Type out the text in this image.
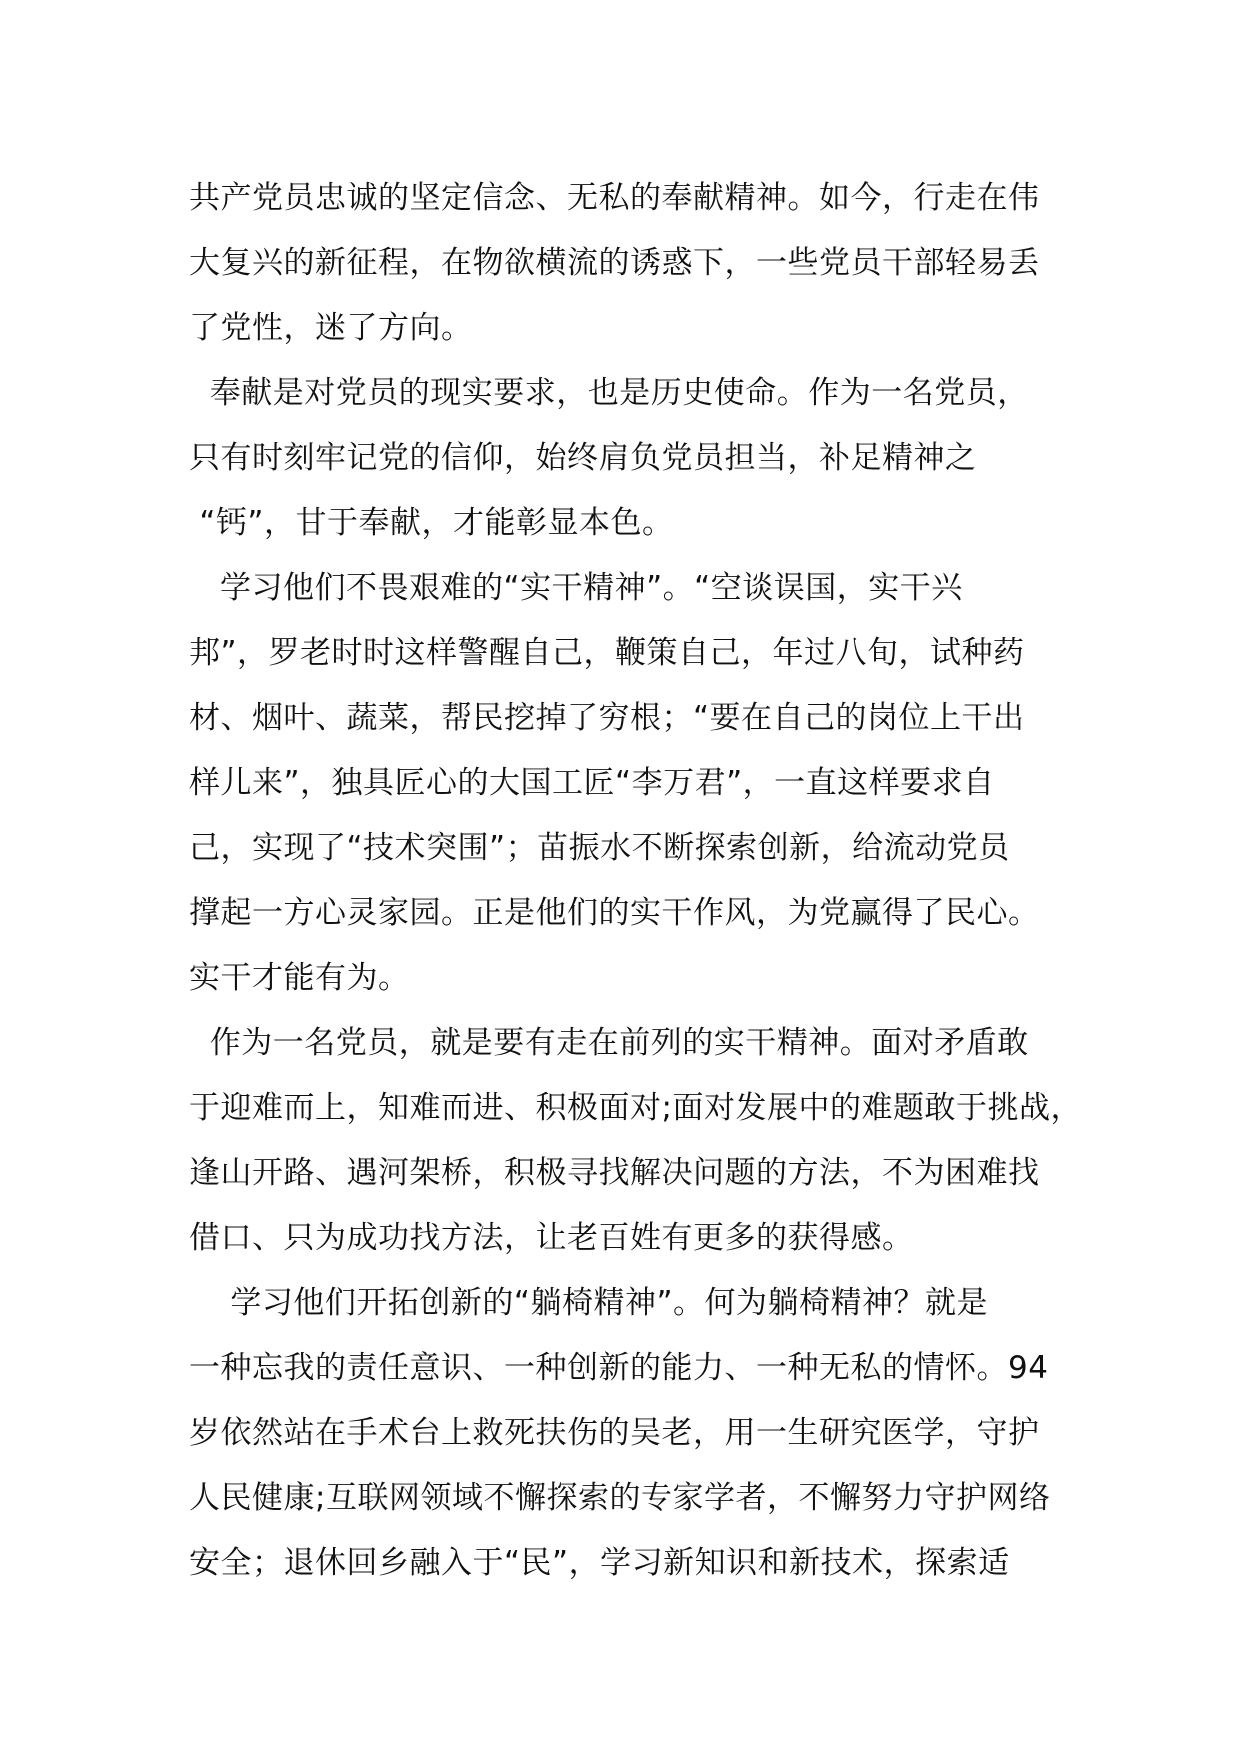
共产党员忠诚的坚定信念、无私的奉献精神。如今，行走在伟
大复兴的新征程，在物欲横流的诱惑下，一些党员干部轻易丢
了党性，迷了方向。
奉献是对党员的现实要求，也是历史使命。作为一名党员，
只有时刻牢记党的信仰，始终肩负党员担当，补足精神之
“钙”，甘于奉献，才能彰显本色。
学习他们不畏艰难的“实干精神”。“空谈误国，实干兴
邦”，罗老时时这样警醒自己，鞭策自己，年过八旬，试种药
材、烟叶、蔬菜，帮民挖掉了穷根；“要在自己的岗位上干出
样儿来”，独具匠心的大国工匠“李万君”，一直这样要求自
己，实现了“技术突围”；苗振水不断探索创新，给流动党员
撑起一方心灵家园。正是他们的实干作风，为党赢得了民心。
实干才能有为。
作为一名党员，就是要有走在前列的实干精神。面对矛盾敢
于迎难而上，知难而进、积极面对;面对发展中的难题敢于挑战，
逢山开路、遇河架桥，积极寻找解决问题的方法，不为困难找
借口、只为成功找方法，让老百姓有更多的获得感。
学习他们开拓创新的“躺椅精神”。何为躺椅精神？就是
一种忘我的责任意识、一种创新的能力、一种无私的情怀。94
岁依然站在手术台上救死扶伤的吴老，用一生研究医学，守护
人民健康;互联网领域不懈探索的专家学者，不懈努力守护网络
安全；退休回乡融入于“民”，学习新知识和新技术，探索适
